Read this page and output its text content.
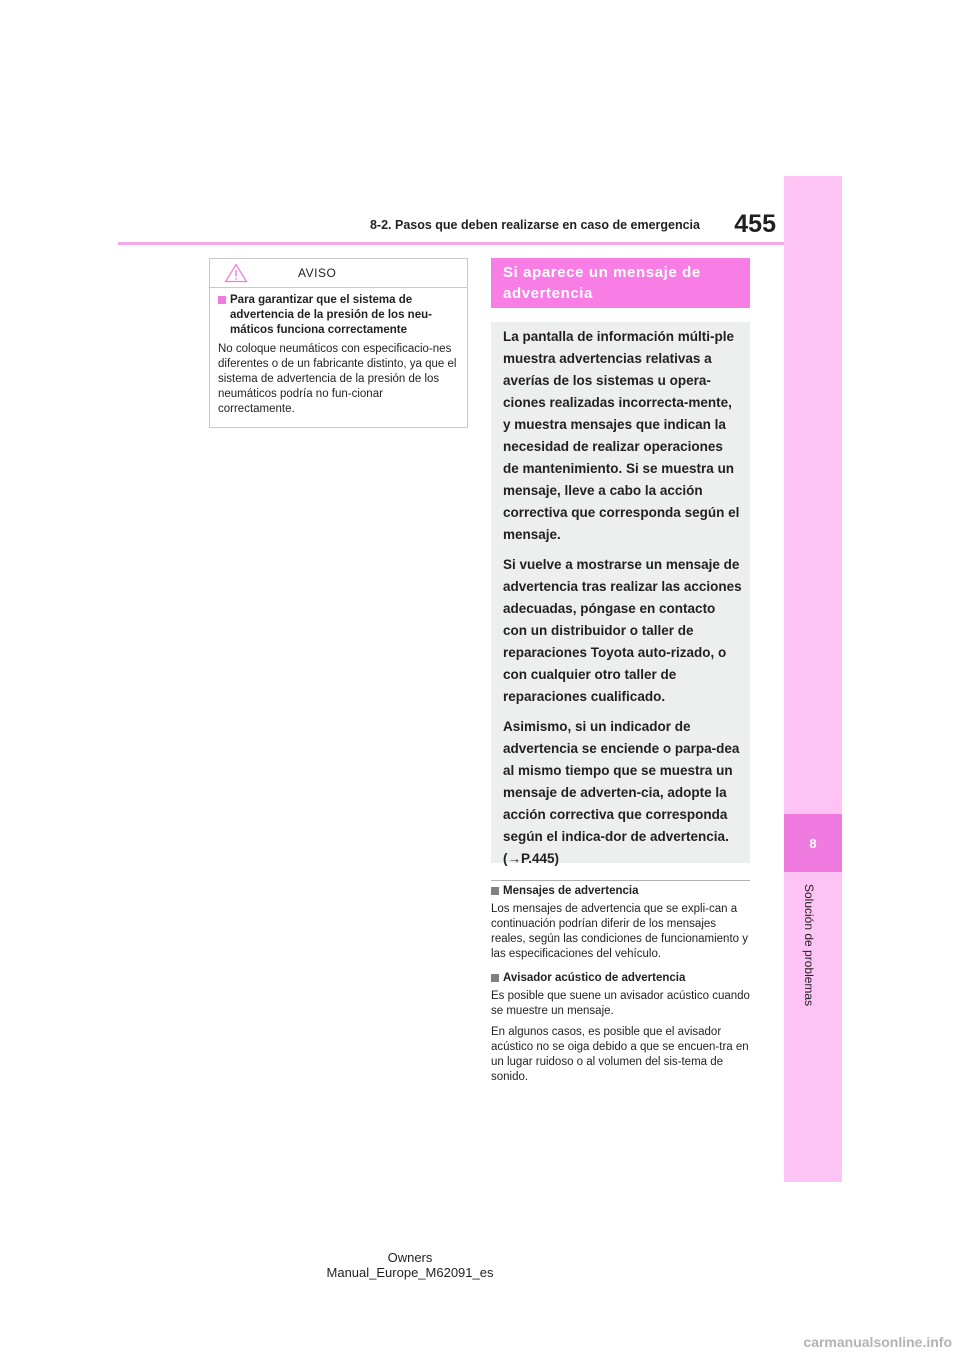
8-2. Pasos que deben realizarse en caso de emergencia	455
8
Solución de problemas
AVISO
Para garantizar que el sistema de advertencia de la presión de los neu-máticos funciona correctamente
No coloque neumáticos con especificacio-nes diferentes o de un fabricante distinto, ya que el sistema de advertencia de la presión de los neumáticos podría no fun-cionar correctamente.
Si aparece un mensaje de advertencia

La pantalla de información múlti-ple muestra advertencias relativas a averías de los sistemas u opera-ciones realizadas incorrecta-mente, y muestra mensajes que indican la necesidad de realizar operaciones de mantenimiento. Si se muestra un mensaje, lleve a cabo la acción correctiva que corresponda según el mensaje.

Si vuelve a mostrarse un mensaje de advertencia tras realizar las acciones adecuadas, póngase en contacto con un distribuidor o taller de reparaciones Toyota auto-rizado, o con cualquier otro taller de reparaciones cualificado.

Asimismo, si un indicador de advertencia se enciende o parpa-dea al mismo tiempo que se muestra un mensaje de adverten-cia, adopte la acción correctiva que corresponda según el indica-dor de advertencia. (→P.445)

Mensajes de advertencia

Los mensajes de advertencia que se expli-can a continuación podrían diferir de los mensajes reales, según las condiciones de funcionamiento y las especificaciones del vehículo.

Avisador acústico de advertencia

Es posible que suene un avisador acústico cuando se muestre un mensaje.

En algunos casos, es posible que el avisador acústico no se oiga debido a que se encuen-tra en un lugar ruidoso o al volumen del sis-tema de sonido.

Owners Manual_Europe_M62091_es
carmanualsonline.info
